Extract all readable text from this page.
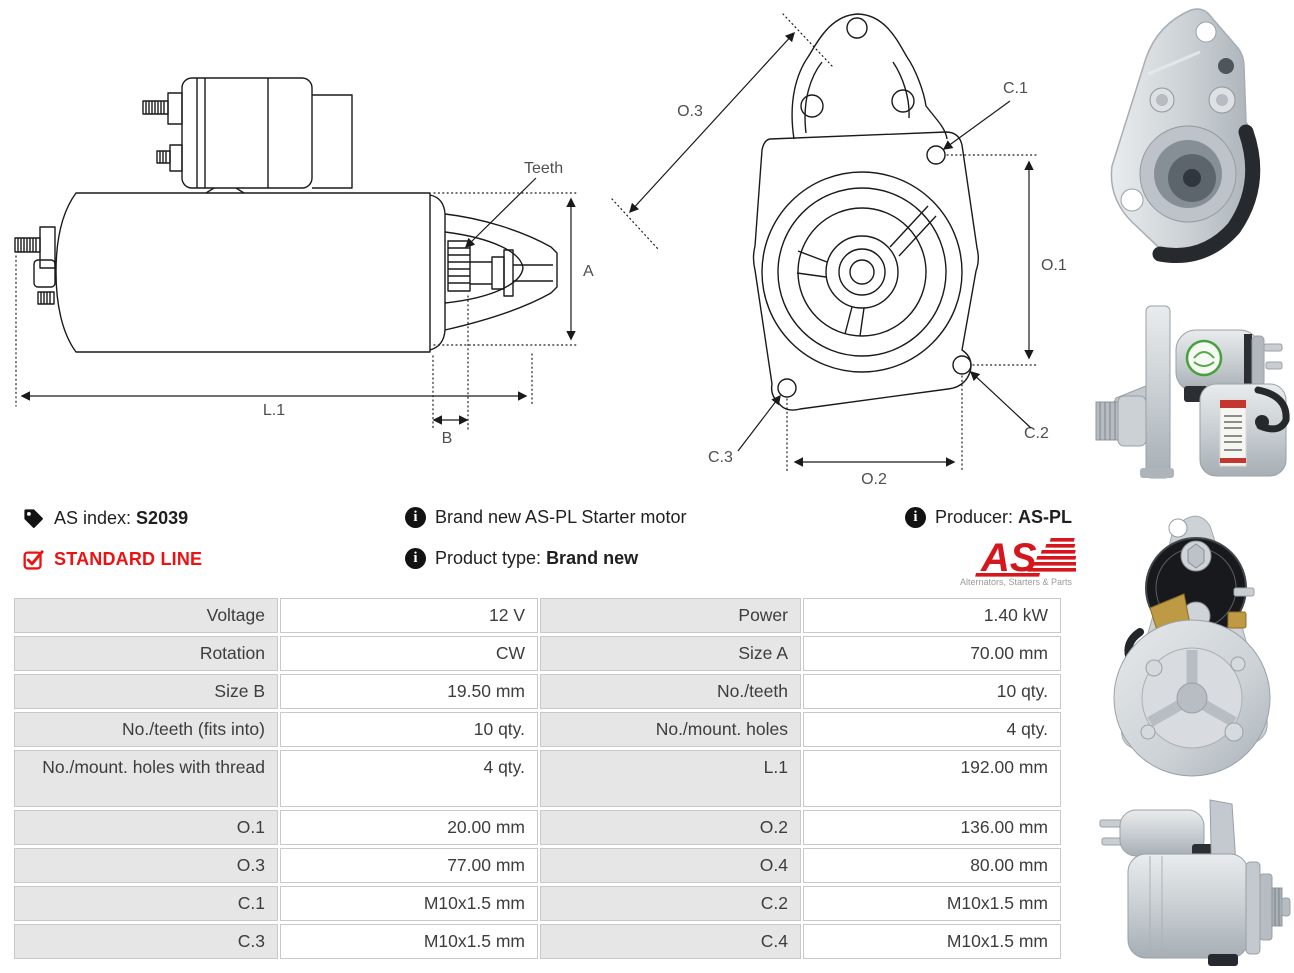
Teeth
A
L.1
B
O.3
C.1
O.1
O.2
C.2
C.3
AS index: S2039
STANDARD LINE
i Brand new AS-PL Starter motor
i Product type: Brand new
i Producer: AS-PL
AS
Alternators, Starters & Parts
Voltage	12 V	Power	1.40 kW
Rotation	CW	Size A	70.00 mm
Size B	19.50 mm	No./teeth	10 qty.
No./teeth (fits into)	10 qty.	No./mount. holes	4 qty.
No./mount. holes with thread	4 qty.	L.1	192.00 mm
O.1	20.00 mm	O.2	136.00 mm
O.3	77.00 mm	O.4	80.00 mm
C.1	M10x1.5 mm	C.2	M10x1.5 mm
C.3	M10x1.5 mm	C.4	M10x1.5 mm
